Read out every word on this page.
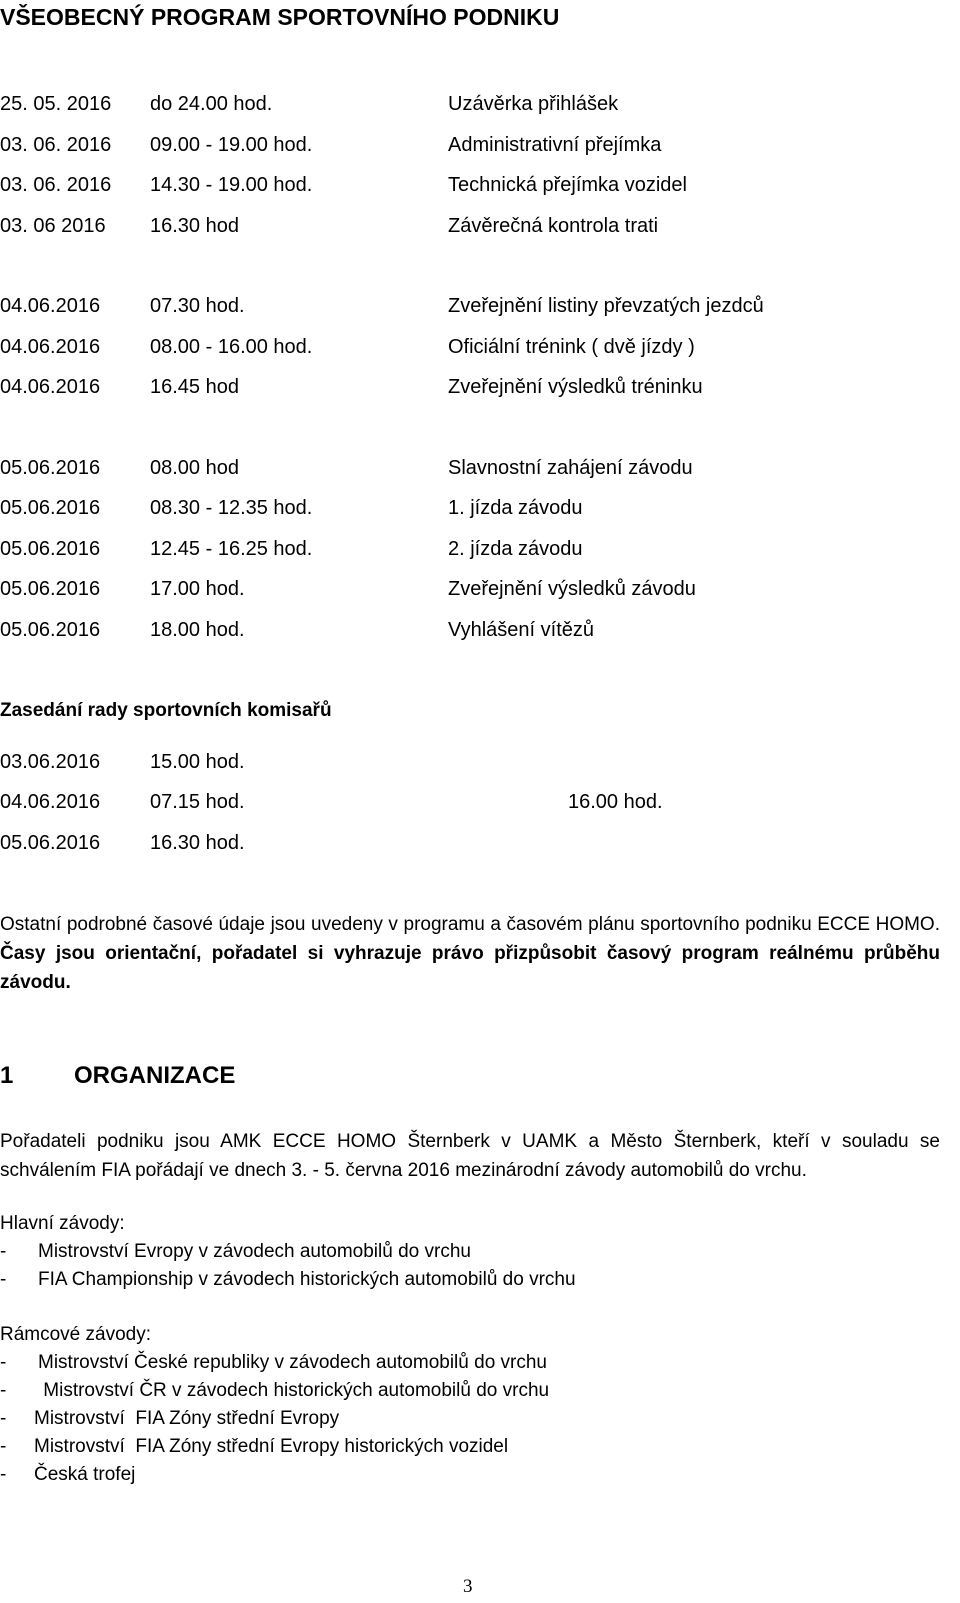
VŠEOBECNÝ PROGRAM SPORTOVNÍHO PODNIKU
25. 05. 2016 do 24.00 hod.	Uzávěrka přihlášek
03. 06. 2016 09.00 - 19.00 hod.	Administrativní přejímka
03. 06. 2016 14.30 - 19.00 hod.	Technická přejímka vozidel
03. 06 2016 16.30 hod	Závěrečná kontrola trati
04.06.2016 07.30 hod.	Zveřejnění listiny převzatých jezdců
04.06.2016 08.00 - 16.00 hod.	Oficiální trénink ( dvě jízdy )
04.06.2016 16.45 hod	Zveřejnění výsledků tréninku
05.06.2016 08.00 hod	Slavnostní zahájení závodu
05.06.2016 08.30 - 12.35 hod.	1. jízda závodu
05.06.2016 12.45 - 16.25 hod.	2. jízda závodu
05.06.2016 17.00 hod.	Zveřejnění výsledků závodu
05.06.2016 18.00 hod.	Vyhlášení vítězů
Zasedání rady sportovních komisařů
03.06.2016 15.00 hod.
04.06.2016 07.15 hod.	16.00 hod.
05.06.2016 16.30 hod.
Ostatní podrobné časové údaje jsou uvedeny v programu a časovém plánu sportovního podniku ECCE HOMO. Časy jsou orientační, pořadatel si vyhrazuje právo přizpůsobit časový program reálnému průběhu závodu.
1	ORGANIZACE
Pořadateli podniku jsou AMK ECCE HOMO Šternberk v UAMK a Město Šternberk, kteří v souladu se schválením FIA pořádají ve dnech 3. - 5. června 2016 mezinárodní závody automobilů do vrchu.
Hlavní závody:
- Mistrovství Evropy v závodech automobilů do vrchu
- FIA Championship v závodech historických automobilů do vrchu
Rámcové závody:
- Mistrovství České republiky v závodech automobilů do vrchu
- Mistrovství ČR v závodech historických automobilů do vrchu
- Mistrovství  FIA Zóny střední Evropy
- Mistrovství  FIA Zóny střední Evropy historických vozidel
- Česká trofej
3
